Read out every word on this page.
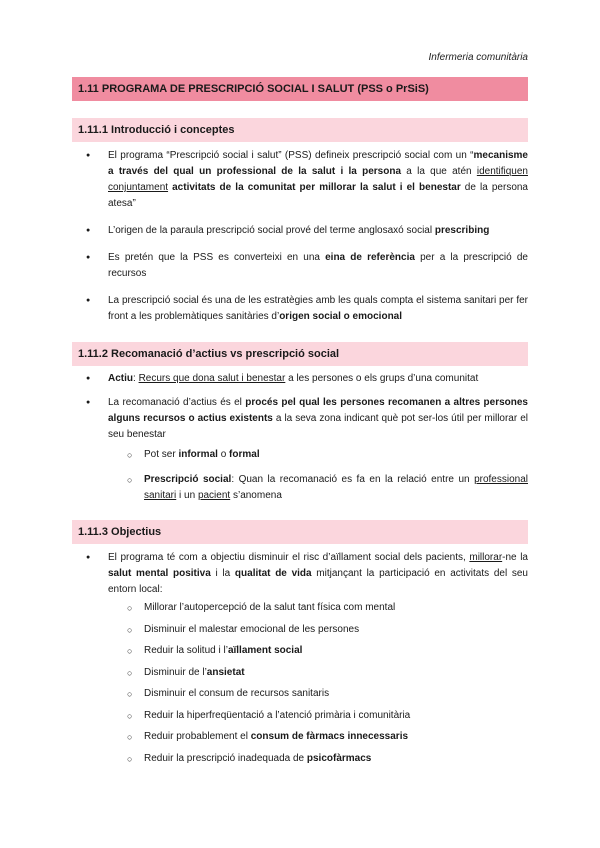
Infermeria comunitària
1.11 PROGRAMA DE PRESCRIPCIÓ SOCIAL I SALUT (PSS o PrSiS)
1.11.1 Introducció i conceptes
● El programa “Prescripció social i salut” (PSS) defineix prescripció social com un “mecanisme a través del qual un professional de la salut i la persona a la que atén identifiquen conjuntament activitats de la comunitat per millorar la salut i el benestar de la persona atesa”
● L’origen de la paraula prescripció social prové del terme anglosaxó social prescribing
● Es pretén que la PSS es converteixi en una eina de referència per a la prescripció de recursos
● La prescripció social és una de les estratègies amb les quals compta el sistema sanitari per fer front a les problemàtiques sanitàries d’origen social o emocional
1.11.2 Recomanació d’actius vs prescripció social
● Actiu: Recurs que dona salut i benestar a les persones o els grups d’una comunitat
● La recomanació d’actius és el procés pel qual les persones recomanen a altres persones alguns recursos o actius existents a la seva zona indicant què pot ser-los útil per millorar el seu benestar
○ Pot ser informal o formal
○ Prescripció social: Quan la recomanació es fa en la relació entre un professional sanitari i un pacient s’anomena
1.11.3 Objectius
● El programa té com a objectiu disminuir el risc d’aïllament social dels pacients, millorar-ne la salut mental positiva i la qualitat de vida mitjançant la participació en activitats del seu entorn local:
○ Millorar l’autopercepció de la salut tant física com mental
○ Disminuir el malestar emocional de les persones
○ Reduir la solitud i l’aïllament social
○ Disminuir de l’ansietat
○ Disminuir el consum de recursos sanitaris
○ Reduir la hiperfreqüentació a l’atenció primària i comunitària
○ Reduir probablement el consum de fàrmacs innecessaris
○ Reduir la prescripció inadequada de psicofàrmacs
